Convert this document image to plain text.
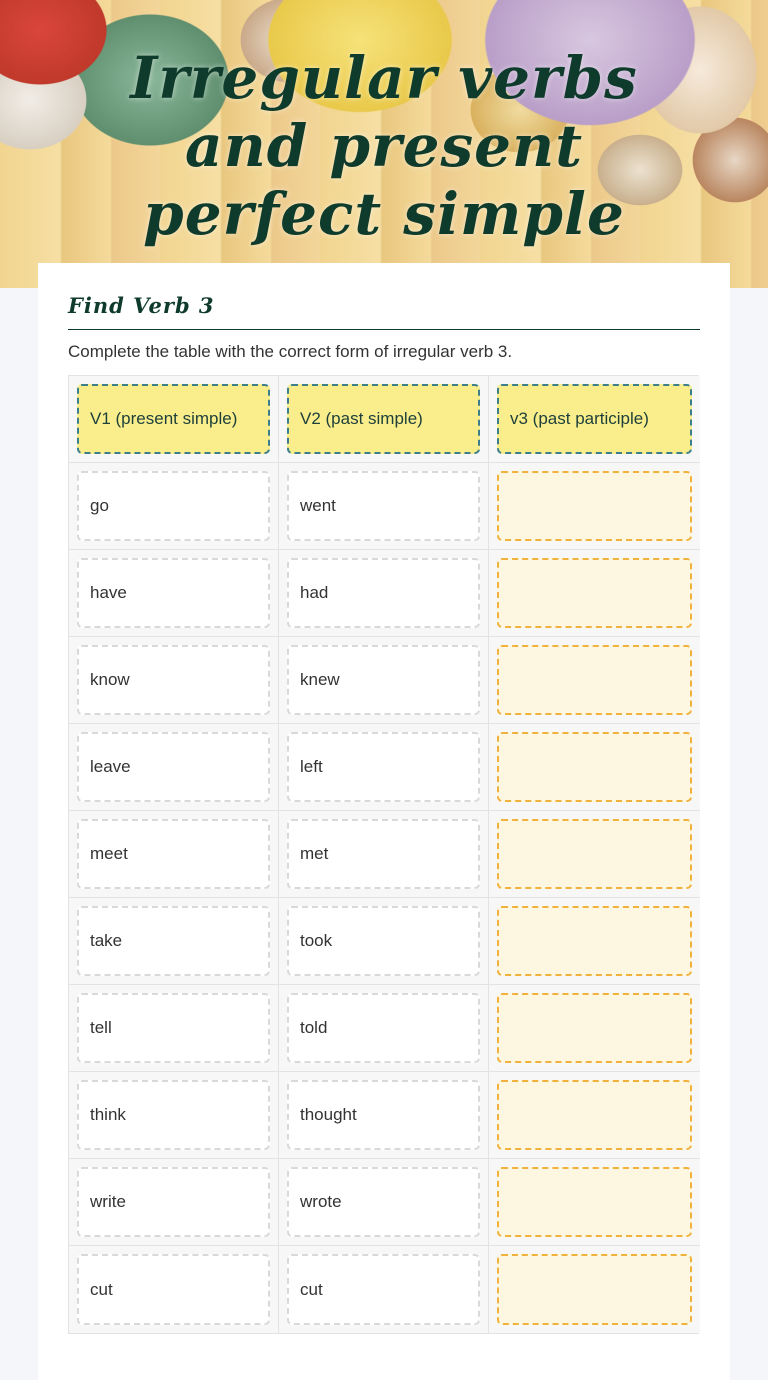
Irregular verbs and present perfect simple
Find Verb 3
Complete the table with the correct form of irregular verb 3.
V1 (present simple)	V2 (past simple)	v3 (past participle)
go	went
have	had
know	knew
leave	left
meet	met
take	took
tell	told
think	thought
write	wrote
cut	cut
